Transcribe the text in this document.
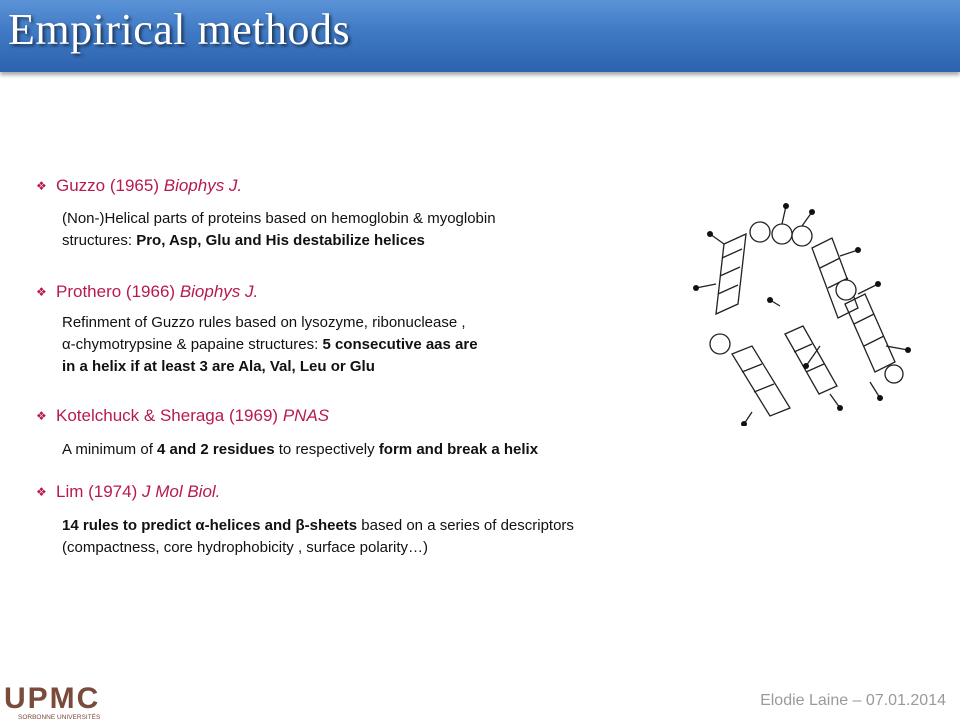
Empirical methods
❖ Guzzo (1965) Biophys J.
(Non-)Helical parts of proteins based on hemoglobin & myoglobin
structures: Pro, Asp, Glu and His destabilize helices
❖ Prothero (1966) Biophys J.
Refinment of Guzzo rules based on lysozyme, ribonuclease ,
α-chymotrypsine & papaine structures: 5 consecutive aas are
in a helix if at least 3 are Ala, Val, Leu or Glu
❖ Kotelchuck & Sheraga (1969) PNAS
A minimum of 4 and 2 residues to respectively form and break a helix
❖ Lim (1974) J Mol Biol.
14 rules to predict α-helices and β-sheets based on a series of descriptors
(compactness, core hydrophobicity , surface polarity…)
UPMC
SORBONNE UNIVERSITÉS
Elodie Laine – 07.01.2014
